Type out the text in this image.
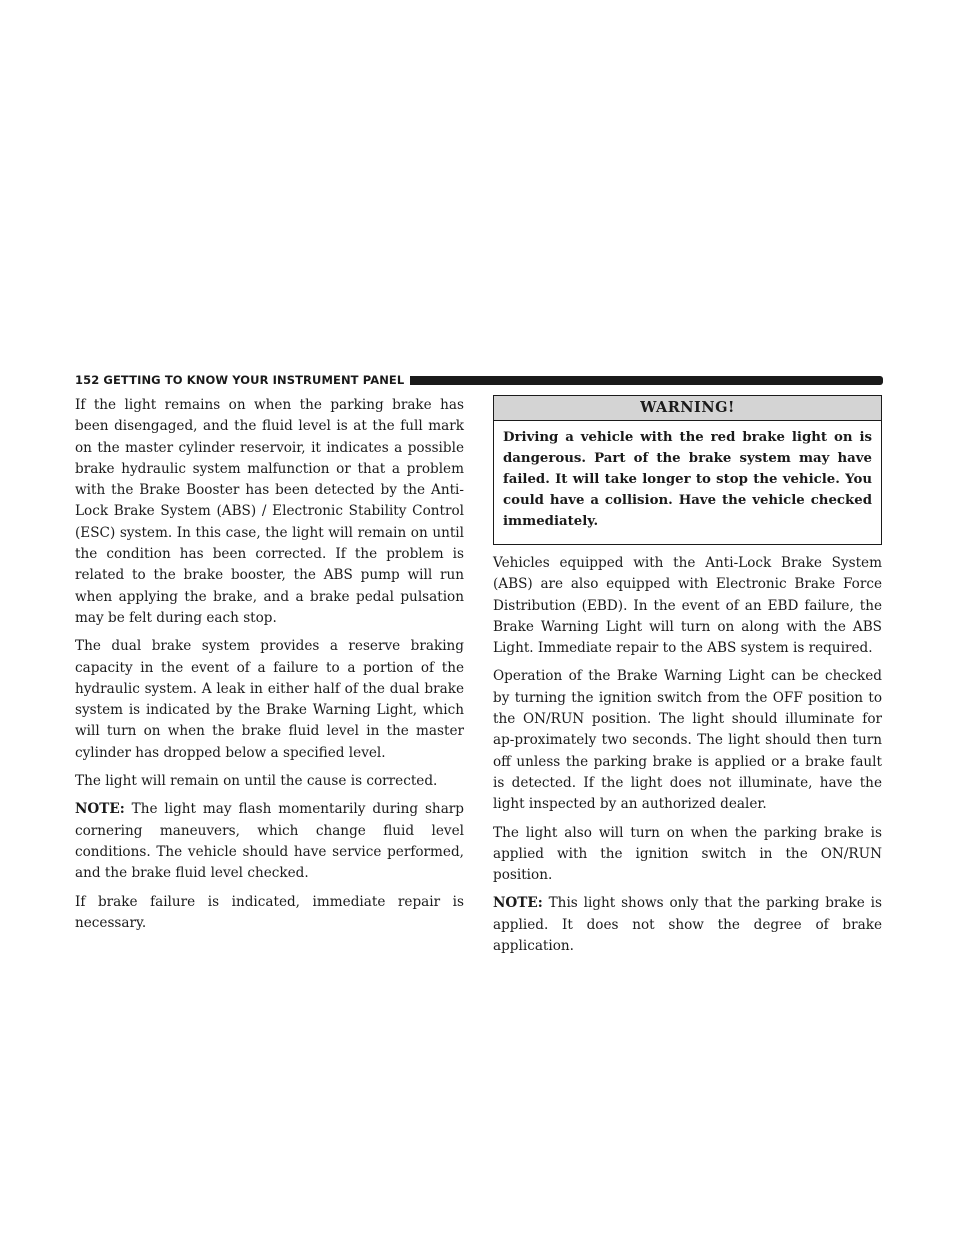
152 GETTING TO KNOW YOUR INSTRUMENT PANEL

If the light remains on when the parking brake has been disengaged, and the fluid level is at the full mark on the master cylinder reservoir, it indicates a possible brake hydraulic system malfunction or that a problem with the Brake Booster has been detected by the Anti-Lock Brake System (ABS) / Electronic Stability Control (ESC) system. In this case, the light will remain on until the condition has been corrected. If the problem is related to the brake booster, the ABS pump will run when applying the brake, and a brake pedal pulsation may be felt during each stop.

The dual brake system provides a reserve braking capacity in the event of a failure to a portion of the hydraulic system. A leak in either half of the dual brake system is indicated by the Brake Warning Light, which will turn on when the brake fluid level in the master cylinder has dropped below a specified level.

The light will remain on until the cause is corrected.

NOTE: The light may flash momentarily during sharp cornering maneuvers, which change fluid level conditions. The vehicle should have service performed, and the brake fluid level checked.

If brake failure is indicated, immediate repair is necessary.

WARNING!

Driving a vehicle with the red brake light on is dangerous. Part of the brake system may have failed. It will take longer to stop the vehicle. You could have a collision. Have the vehicle checked immediately.

Vehicles equipped with the Anti-Lock Brake System (ABS) are also equipped with Electronic Brake Force Distribution (EBD). In the event of an EBD failure, the Brake Warning Light will turn on along with the ABS Light. Immediate repair to the ABS system is required.

Operation of the Brake Warning Light can be checked by turning the ignition switch from the OFF position to the ON/RUN position. The light should illuminate for ap-proximately two seconds. The light should then turn off unless the parking brake is applied or a brake fault is detected. If the light does not illuminate, have the light inspected by an authorized dealer.

The light also will turn on when the parking brake is applied with the ignition switch in the ON/RUN position.

NOTE: This light shows only that the parking brake is applied. It does not show the degree of brake application.
